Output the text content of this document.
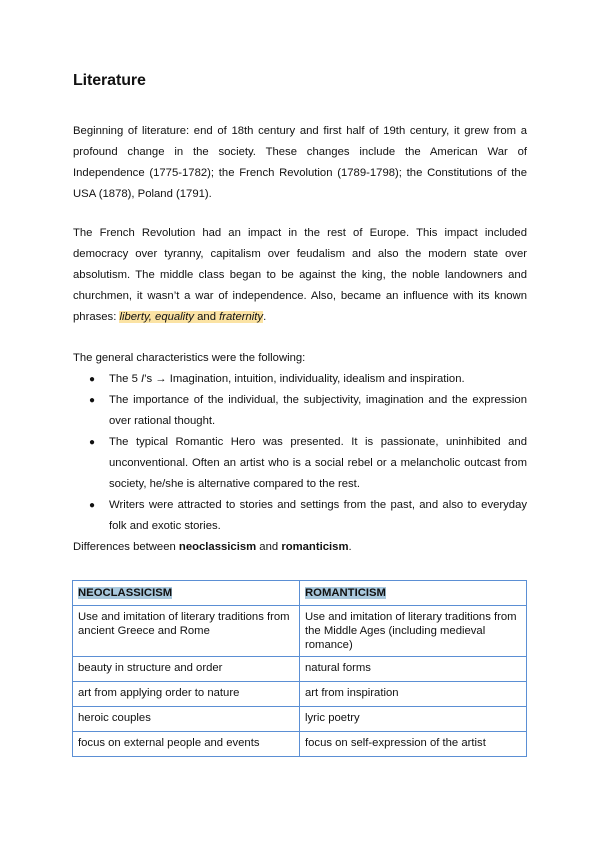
Literature

Beginning of literature: end of 18th century and first half of 19th century, it grew from a profound change in the society. These changes include the American War of Independence (1775-1782); the French Revolution (1789-1798); the Constitutions of the USA (1878), Poland (1791).

The French Revolution had an impact in the rest of Europe. This impact included democracy over tyranny, capitalism over feudalism and also the modern state over absolutism. The middle class began to be against the king, the noble landowners and churchmen, it wasn’t a war of independence. Also, became an influence with its known phrases: liberty, equality and fraternity.

The general characteristics were the following:

● The 5 I’s → Imagination, intuition, individuality, idealism and inspiration.
● The importance of the individual, the subjectivity, imagination and the expression over rational thought.
● The typical Romantic Hero was presented. It is passionate, uninhibited and unconventional. Often an artist who is a social rebel or a melancholic outcast from society, he/she is alternative compared to the rest.
● Writers were attracted to stories and settings from the past, and also to everyday folk and exotic stories.

Differences between neoclassicism and romanticism.

NEOCLASSICISM	ROMANTICISM
Use and imitation of literary traditions from ancient Greece and Rome	Use and imitation of literary traditions from the Middle Ages (including medieval romance)
beauty in structure and order	natural forms
art from applying order to nature	art from inspiration
heroic couples	lyric poetry
focus on external people and events	focus on self-expression of the artist
